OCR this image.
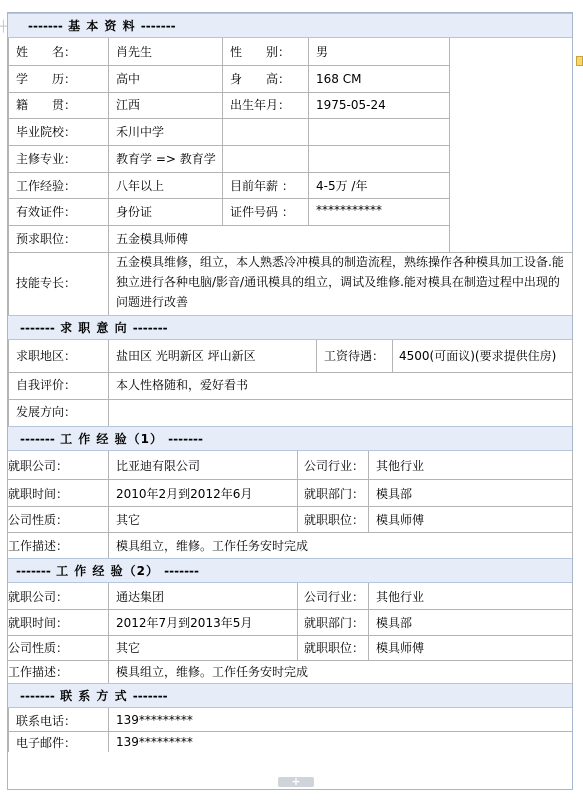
┼	------- 基 本 资 料 -------
------- 求 职 意 向 -------
------- 工 作 经 验（1） -------
------- 工 作 经 验（2） -------
------- 联 系 方 式 -------
姓　　名：	肖先生	性　　别： 男
学　　历：	高中	身　　高： 168 CM
籍　　贯：	江西	出生年月： 1975-05-24
毕业院校：	禾川中学
主修专业：	教育学 => 教育学
工作经验：	八年以上	目前年薪 ： 4-5万 /年
有效证件：	身份证	证件号码 ： ***********
预求职位：	五金模具师傅
技能专长：
五金模具维修，组立，本人熟悉冷冲模具的制造流程，熟练操作各种模具加工设备.能独立进行各种电脑/影音/通讯模具的组立，调试及维修.能对模具在制造过程中出现的问题进行改善
求职地区：	盐田区 光明新区 坪山新区	工资待遇： 4500(可面议)(要求提供住房)
自我评价：	本人性格随和，爱好看书
发展方向：
就职公司：	比亚迪有限公司	公司行业： 其他行业
就职时间：	2010年2月到2012年6月	就职部门： 模具部
公司性质：	其它	就职职位： 模具师傅
工作描述：	模具组立，维修。工作任务安时完成
就职公司：	通达集团	公司行业： 其他行业
就职时间：	2012年7月到2013年5月	就职部门： 模具部
公司性质：	其它	就职职位： 模具师傅
工作描述：	模具组立，维修。工作任务安时完成
联系电话：	139*********
电子邮件：	139*********
+
